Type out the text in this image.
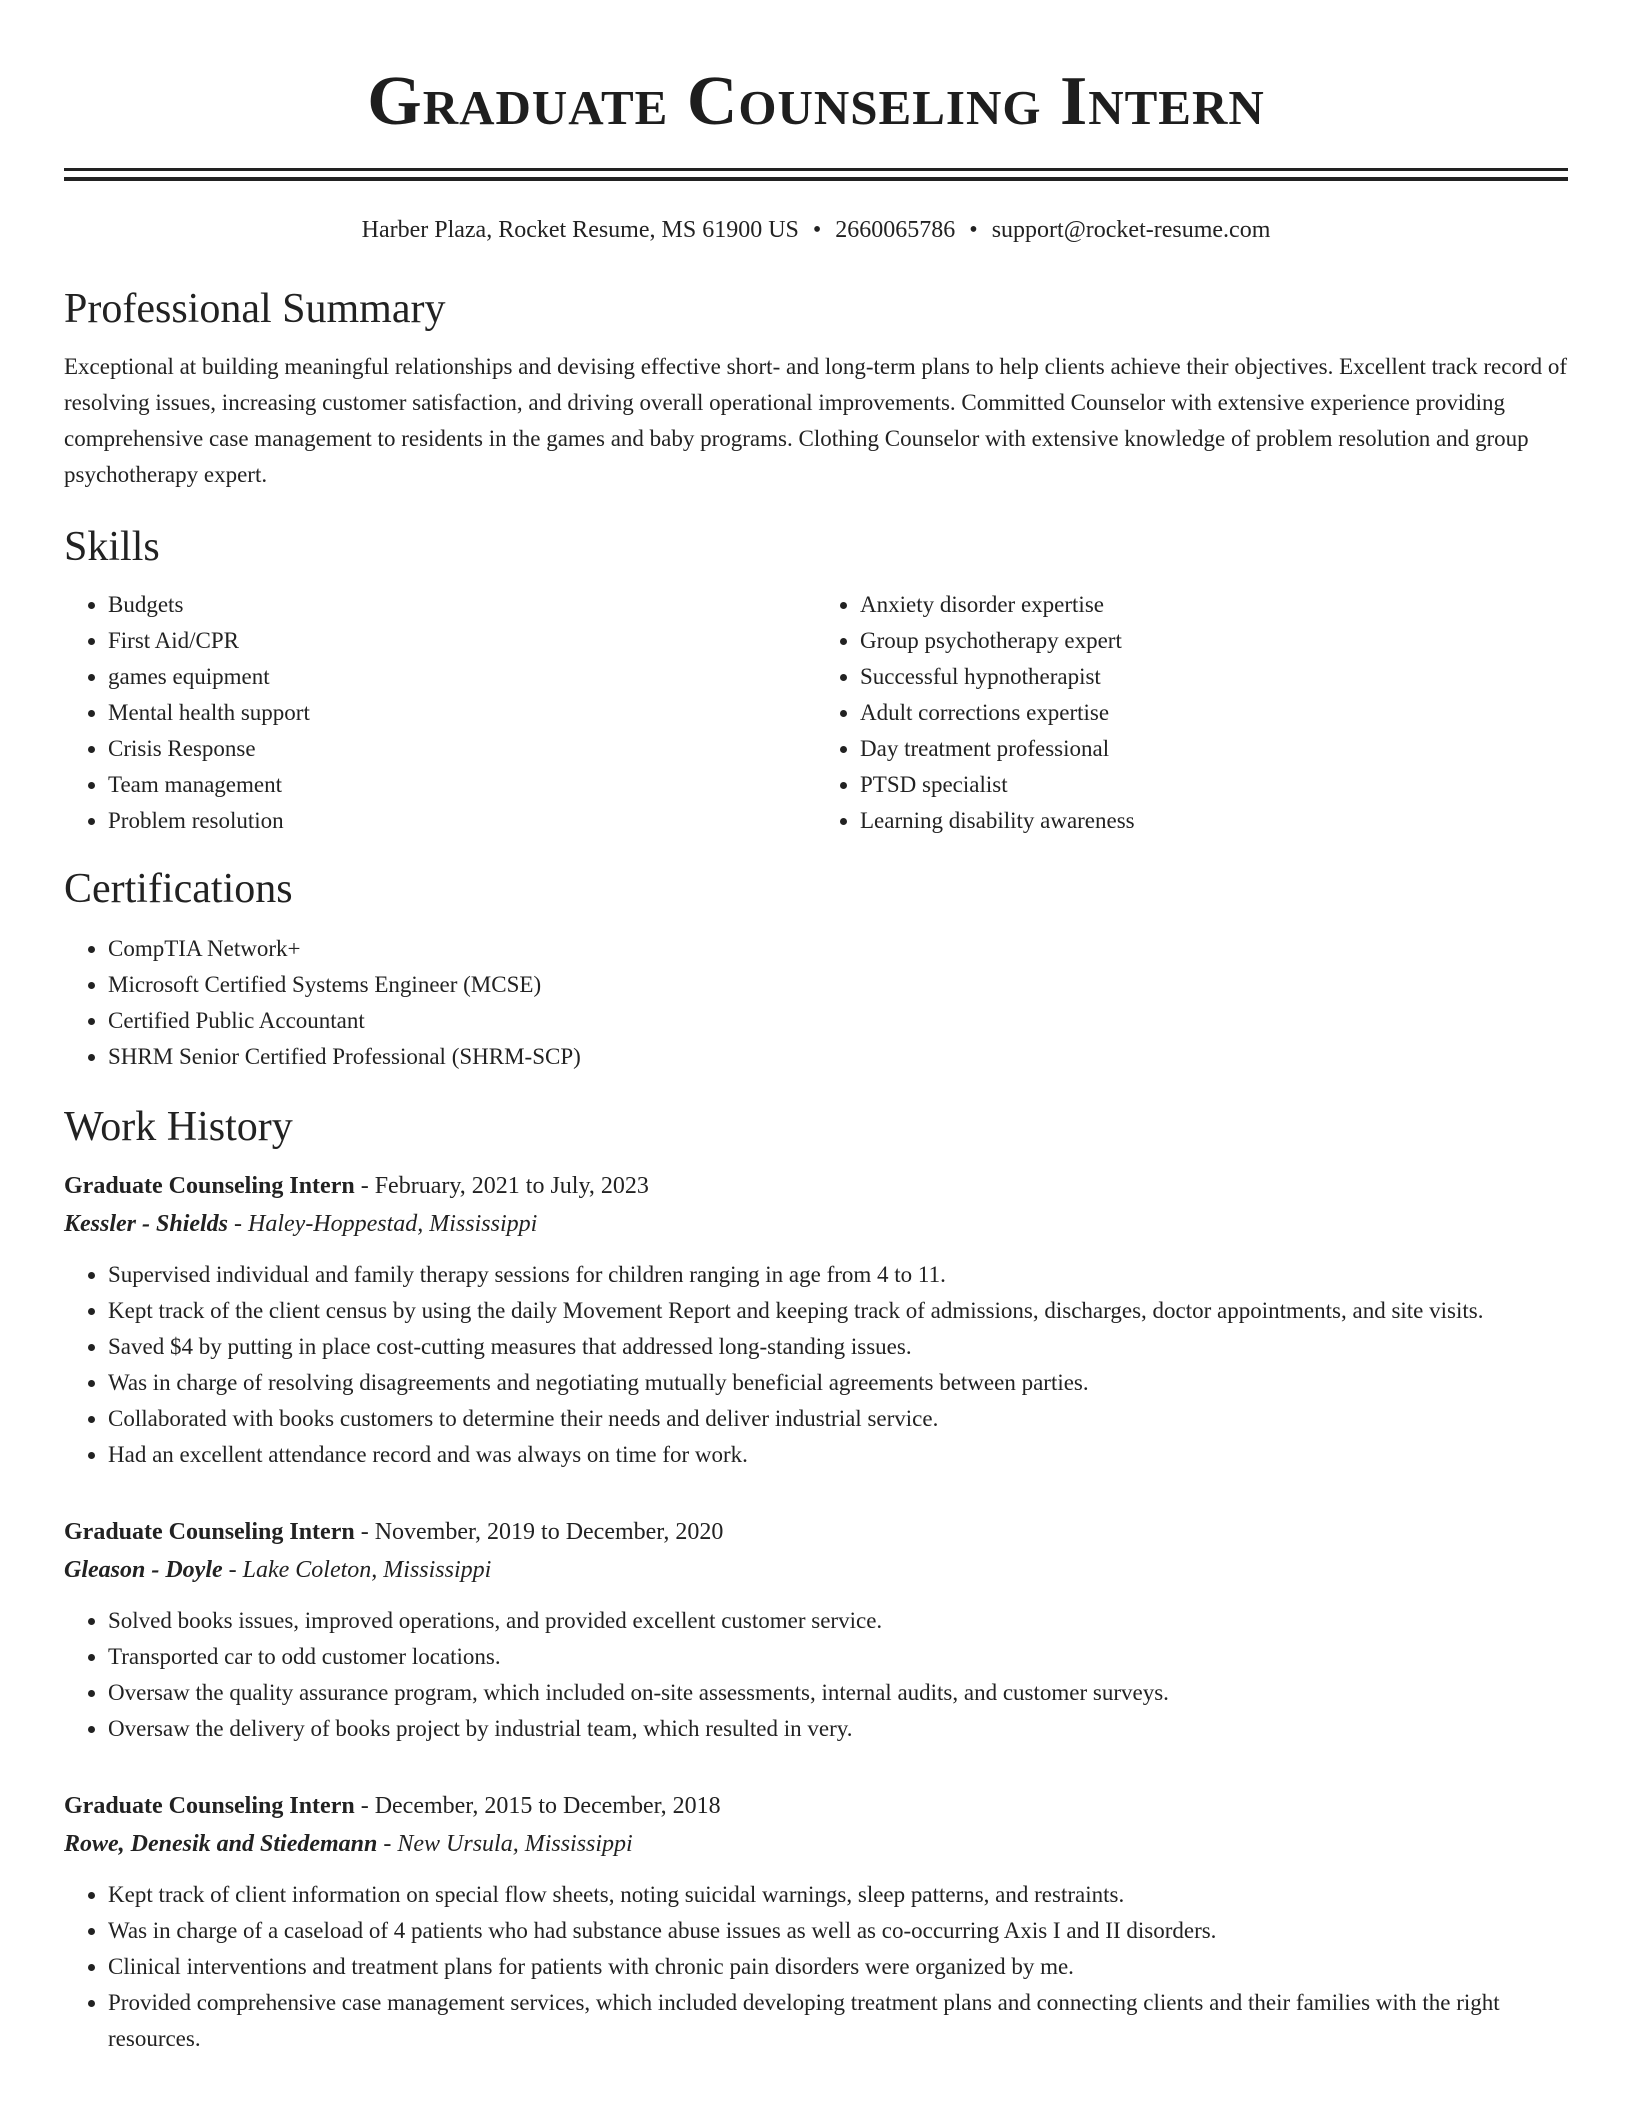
Graduate Counseling Intern
Harber Plaza, Rocket Resume, MS 61900 US • 2660065786 • support@rocket-resume.com
Professional Summary

Exceptional at building meaningful relationships and devising effective short- and long-term plans to help clients achieve their objectives. Excellent track record of resolving issues, increasing customer satisfaction, and driving overall operational improvements. Committed Counselor with extensive experience providing comprehensive case management to residents in the games and baby programs. Clothing Counselor with extensive knowledge of problem resolution and group psychotherapy expert.

Skills
• Budgets
• First Aid/CPR
• games equipment
• Mental health support
• Crisis Response
• Team management
• Problem resolution
• Anxiety disorder expertise
• Group psychotherapy expert
• Successful hypnotherapist
• Adult corrections expertise
• Day treatment professional
• PTSD specialist
• Learning disability awareness
Certifications
• CompTIA Network+
• Microsoft Certified Systems Engineer (MCSE)
• Certified Public Accountant
• SHRM Senior Certified Professional (SHRM-SCP)
Work History
Graduate Counseling Intern - February, 2021 to July, 2023
Kessler - Shields - Haley-Hoppestad, Mississippi
• Supervised individual and family therapy sessions for children ranging in age from 4 to 11.
• Kept track of the client census by using the daily Movement Report and keeping track of admissions, discharges, doctor appointments, and site visits.
• Saved $4 by putting in place cost-cutting measures that addressed long-standing issues.
• Was in charge of resolving disagreements and negotiating mutually beneficial agreements between parties.
• Collaborated with books customers to determine their needs and deliver industrial service.
• Had an excellent attendance record and was always on time for work.
Graduate Counseling Intern - November, 2019 to December, 2020
Gleason - Doyle - Lake Coleton, Mississippi
• Solved books issues, improved operations, and provided excellent customer service.
• Transported car to odd customer locations.
• Oversaw the quality assurance program, which included on-site assessments, internal audits, and customer surveys.
• Oversaw the delivery of books project by industrial team, which resulted in very.
Graduate Counseling Intern - December, 2015 to December, 2018
Rowe, Denesik and Stiedemann - New Ursula, Mississippi
• Kept track of client information on special flow sheets, noting suicidal warnings, sleep patterns, and restraints.
• Was in charge of a caseload of 4 patients who had substance abuse issues as well as co-occurring Axis I and II disorders.
• Clinical interventions and treatment plans for patients with chronic pain disorders were organized by me.
• Provided comprehensive case management services, which included developing treatment plans and connecting clients and their families with the right resources.
